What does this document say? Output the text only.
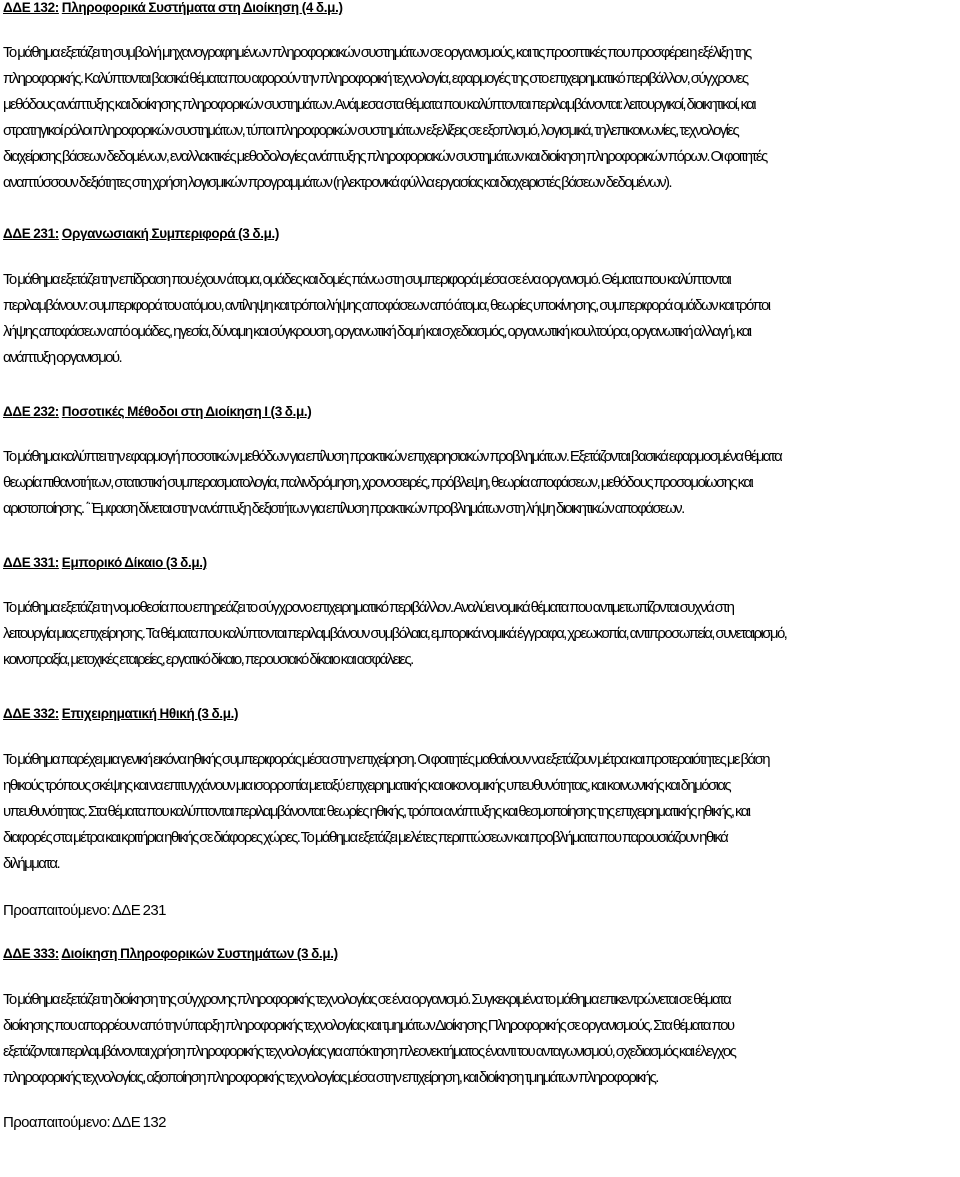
ΔΔΕ 132: Πληροφορικά Συστήματα στη Διοίκηση (4 δ.μ.)
Το μάθημα εξετάζει τη συμβολή μηχανογραφημένων πληροφοριακών συστημάτων σε οργανισμούς, και τις προοπτικές που προσφέρει η εξέλιξη της
πληροφορικής. Καλύπτονται βασικά θέματα που αφορούν την πληροφορική τεχνολογία, εφαρμογές της στο επιχειρηματικό περιβάλλον, σύγχρονες
μεθόδους ανάπτυξης και διοίκησης πληροφορικών συστημάτων. Ανάμεσα στα θέματα που καλύπτονται περιλαμβάνονται: λειτουργικοί, διοικητικοί, και
στρατηγικοί ρόλοι πληροφορικών συστημάτων, τύποι πληροφορικών συστημάτων εξελίξεις σε εξοπλισμό, λογισμικά, τηλεπικοινωνίες, τεχνολογίες
διαχείρισης βάσεων δεδομένων, εναλλακτικές μεθοδολογίες ανάπτυξης πληροφοριακών συστημάτων και διοίκηση πληροφορικών πόρων. Οι φοιτητές
αναπτύσσουν δεξιότητες στη χρήση λογισμικών προγραμμάτων (ηλεκτρονικά φύλλα εργασίας και διαχειριστές βάσεων δεδομένων).
ΔΔΕ 231: Οργανωσιακή Συμπεριφορά (3 δ.μ.)
Το μάθημα εξετάζει την επίδραση που έχουν άτομα, ομάδες και δομές πάνω στη συμπεριφορά μέσα σε ένα οργανισμό. Θέματα που καλύπτονται
περιλαμβάνουν: συμπεριφορά του ατόμου, αντίληψη και τρόποι λήψης αποφάσεων από άτομα, θεωρίες υποκίνησης, συμπεριφορά ομάδων και τρόποι
λήψης αποφάσεων από ομάδες, ηγεσία, δύναμη και σύγκρουση, οργανωτική δομή και σχεδιασμός, οργανωτική κουλτούρα, οργανωτική αλλαγή, και
ανάπτυξη οργανισμού.
ΔΔΕ 232: Ποσοτικές Μέθοδοι στη Διοίκηση Ι (3 δ.μ.)
Το μάθημα καλύπτει την εφαρμογή ποσοτικών μεθόδων για επίλυση πρακτικών επιχειρησιακών προβλημάτων. Εξετάζονται βασικά εφαρμοσμένα θέματα
θεωρία πιθανοτήτων, στατιστική συμπερασματολογία, παλινδρόμηση, χρονοσειρές, πρόβλεψη, θεωρία αποφάσεων, μεθόδους προσομοίωσης και
αριστοποίησης. ΄¨Εμφαση δίνεται στην ανάπτυξη δεξιοτήτων για επίλυση πρακτικών προβλημάτων στη λήψη διοικητικών αποφάσεων.
ΔΔΕ 331: Εμπορικό Δίκαιο (3 δ.μ.)
Το μάθημα εξετάζει τη νομοθεσία που επηρεάζει το σύγχρονο επιχειρηματικό περιβάλλον. Αναλύει νομικά θέματα που αντιμετωπίζονται συχνά στη
λειτουργία μιας επιχείρησης. Τα θέματα που καλύπτονται περιλαμβάνουν συμβόλαια, εμπορικά νομικά έγγραφα, χρεωκοπία, αντιπροσωπεία, συνεταιρισμό,
κοινοπραξία, μετοχικές εταιρείες, εργατικό δίκαιο, περουσιακό δίκαιο και ασφάλειες.
ΔΔΕ 332: Επιχειρηματική Ηθική (3 δ.μ.)
Το μάθημα παρέχει μια γενική εικόνα ηθικής συμπεριφοράς μέσα στην επιχείρηση. Οι φοιτητές μαθαίνουν να εξετάζουν μέτρα και προτεραιότητες με βάση
ηθικούς τρόπους σκέψης και να επιτυγχάνουν μια ισορροπία μεταξύ επιχειρηματικής και οικονομικής υπευθυνότητας, και κοινωνικής και δημόσιας
υπευθυνότητας. Στα θέματα που καλύπτονται περιλαμβάνονται: θεωρίες ηθικής, τρόποι ανάπτυξης και θεσμοποίησης της επιχειρηματικής ηθικής, και
διαφορές στα μέτρα και κριτήρια ηθικής σε διάφορες χώρες. Το μάθημα εξετάζει μελέτες περιπτώσεων και προβλήματα που παρουσιάζουν ηθικά
διλήμματα.

Προαπαιτούμενο: ΔΔΕ 231

ΔΔΕ 333: Διοίκηση Πληροφορικών Συστημάτων (3 δ.μ.)
Το μάθημα εξετάζει τη διοίκηση της σύγχρονης πληροφορικής τεχνολογίας σε ένα οργανισμό. Συγκεκριμένα το μάθημα επικεντρώνεται σε θέματα
διοίκησης που απορρέουν από την ύπαρξη πληροφορικής τεχνολογίας και τμημάτων Διοίκησης Πληροφορικής σε οργανισμούς. Στα θέματα που
εξετάζονται περιλαμβάνονται χρήση πληροφορικής τεχνολογίας για απόκτηση πλεονεκτήματος έναντι του ανταγωνισμού, σχεδιασμός και έλεγχος
πληροφορικής τεχνολογίας, αξιοποίηση πληροφορικής τεχνολογίας μέσα στην επιχείρηση, και διοίκηση τμημάτων πληροφορικής.

Προαπαιτούμενο: ΔΔΕ 132
